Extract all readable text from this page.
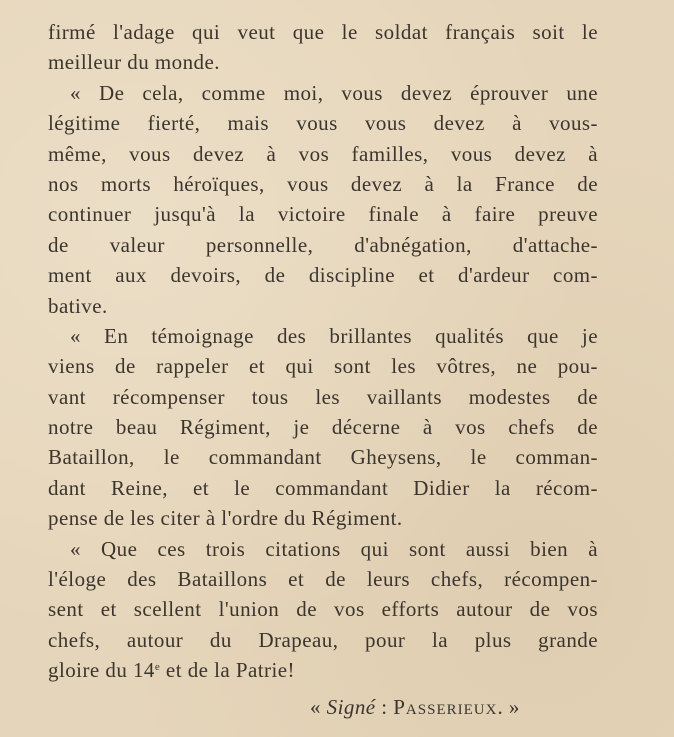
firmé l'adage qui veut que le soldat français soit le
meilleur du monde.
« De cela, comme moi, vous devez éprouver une
légitime fierté, mais vous vous devez à vous-
même, vous devez à vos familles, vous devez à
nos morts héroïques, vous devez à la France de
continuer jusqu'à la victoire finale à faire preuve
de valeur personnelle, d'abnégation, d'attache-
ment aux devoirs, de discipline et d'ardeur com-
bative.
« En témoignage des brillantes qualités que je
viens de rappeler et qui sont les vôtres, ne pou-
vant récompenser tous les vaillants modestes de
notre beau Régiment, je décerne à vos chefs de
Bataillon, le commandant Gheysens, le comman-
dant Reine, et le commandant Didier la récom-
pense de les citer à l'ordre du Régiment.
« Que ces trois citations qui sont aussi bien à
l'éloge des Bataillons et de leurs chefs, récompen-
sent et scellent l'union de vos efforts autour de vos
chefs, autour du Drapeau, pour la plus grande
gloire du 14e et de la Patrie!
« Signé : Passerieux. »
